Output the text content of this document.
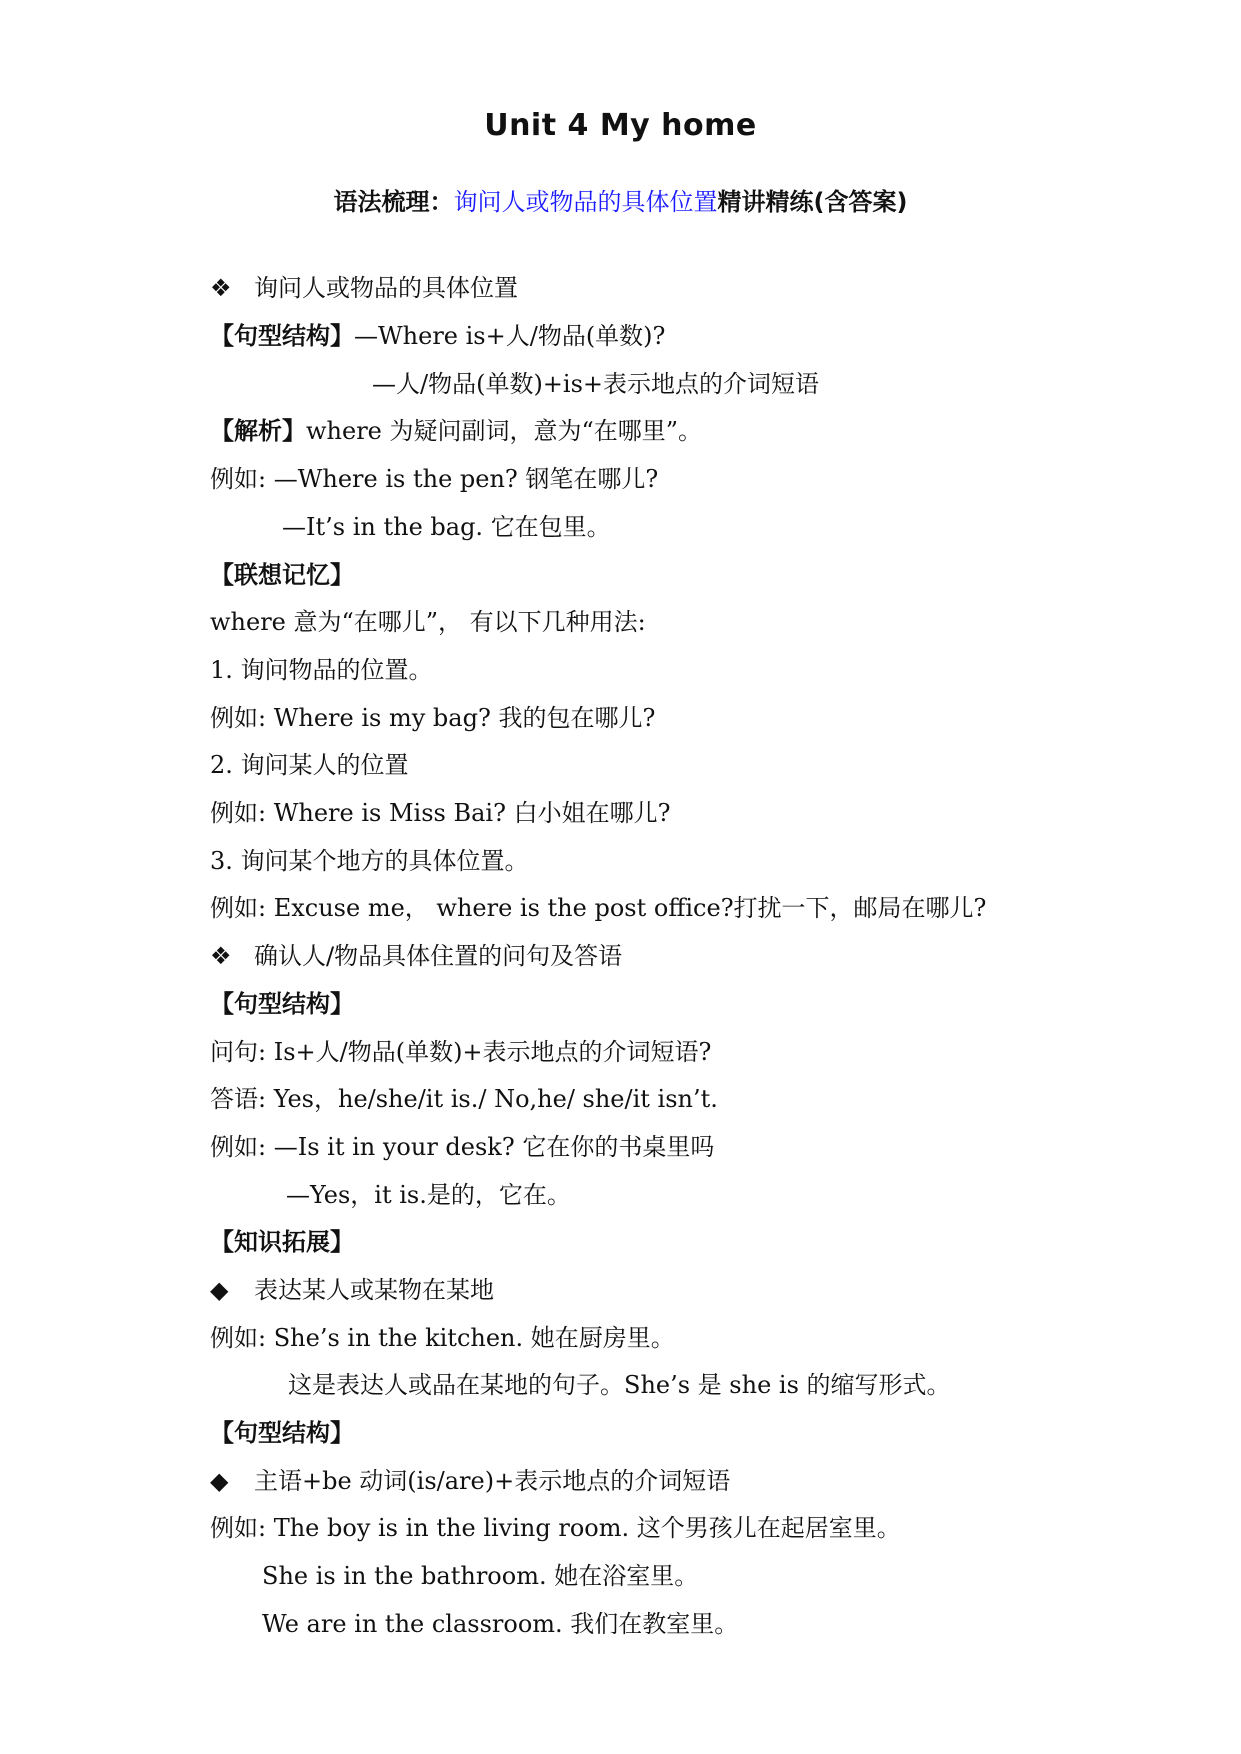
Unit 4 My home
语法梳理：询问人或物品的具体位置精讲精练(含答案)
❖ 询问人或物品的具体位置
【句型结构】—Where is+人/物品(单数)?
—人/物品(单数)+is+表示地点的介词短语
【解析】where 为疑问副词，意为“在哪里”。
例如: —Where is the pen? 钢笔在哪儿?
—It’s in the bag. 它在包里。
【联想记忆】
where 意为“在哪儿”， 有以下几种用法:
1. 询问物品的位置。
例如: Where is my bag? 我的包在哪儿?
2. 询问某人的位置
例如: Where is Miss Bai? 白小姐在哪儿?
3. 询问某个地方的具体位置。
例如: Excuse me， where is the post office?打扰一下，邮局在哪儿?
❖ 确认人/物品具体住置的问句及答语
【句型结构】
问句: Is+人/物品(单数)+表示地点的介词短语?
答语: Yes，he/she/it is./ No,he/ she/it isn’t.
例如: —Is it in your desk? 它在你的书桌里吗
—Yes，it is.是的，它在。
【知识拓展】
◆ 表达某人或某物在某地
例如: She’s in the kitchen. 她在厨房里。
这是表达人或品在某地的句子。She’s 是 she is 的缩写形式。
【句型结构】
◆ 主语+be 动词(is/are)+表示地点的介词短语
例如: The boy is in the living room. 这个男孩儿在起居室里。
She is in the bathroom. 她在浴室里。
We are in the classroom. 我们在教室里。
